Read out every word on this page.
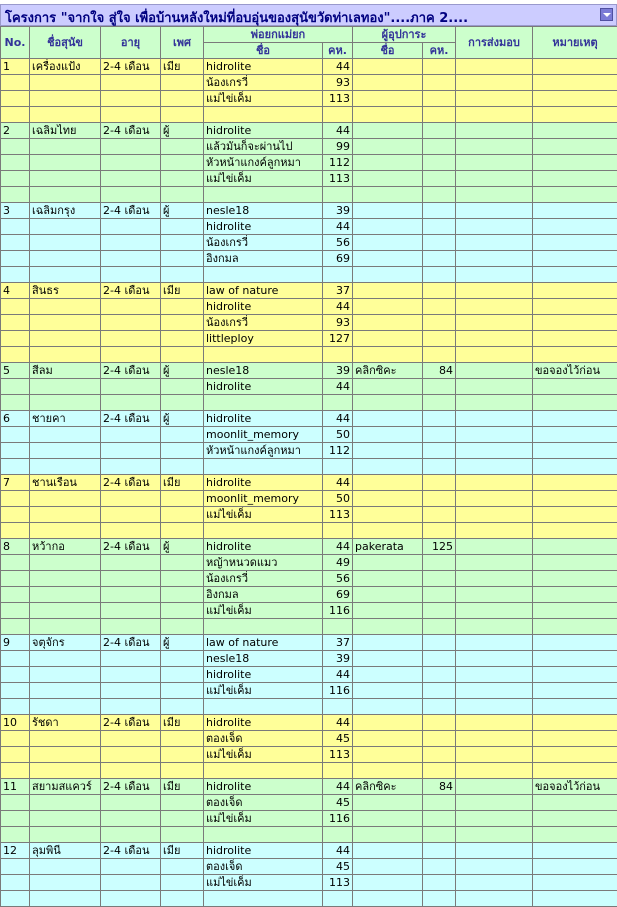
โครงการ "จากใจ สู่ใจ เพื่อบ้านหลังใหม่ที่อบอุ่นของสุนัขวัดท่าเลทอง"....ภาค 2....
No.	ชื่อสุนัข	อายุ	เพศ	พ่อยกแม่ยก		ผู้อุปการะ		การส่งมอบ	หมายเหตุ
				ชื่อ	คห.	ชื่อ	คห.		
1	เครื่องแป้ง	2-4 เดือน	เมีย	hidrolite	44				
				น้องเกรวี่	93				
				แม่ไข่เค็ม	113				

2	เฉลิมไทย	2-4 เดือน	ผู้	hidrolite	44				
				แล้วมันก็จะผ่านไป	99				
				หัวหน้าแกงค์ลูกหมา	112				
				แม่ไข่เค็ม	113				

3	เฉลิมกรุง	2-4 เดือน	ผู้	nesle18	39				
				hidrolite	44				
				น้องเกรวี่	56				
				อิงกมล	69				

4	สินธร	2-4 เดือน	เมีย	law of nature	37				
				hidrolite	44				
				น้องเกรวี่	93				
				littleploy	127				

5	สีลม	2-4 เดือน	ผู้	nesle18	39	คลิกซิคะ	84		ขอจองไว้ก่อน
				hidrolite	44				

6	ชายคา	2-4 เดือน	ผู้	hidrolite	44				
				moonlit_memory	50				
				หัวหน้าแกงค์ลูกหมา	112				

7	ชานเรือน	2-4 เดือน	เมีย	hidrolite	44				
				moonlit_memory	50				
				แม่ไข่เค็ม	113				

8	หว้ากอ	2-4 เดือน	ผู้	hidrolite	44	pakerata	125		
				หญ้าหนวดแมว	49				
				น้องเกรวี่	56				
				อิงกมล	69				
				แม่ไข่เค็ม	116				

9	จตุจักร	2-4 เดือน	ผู้	law of nature	37				
				nesle18	39				
				hidrolite	44				
				แม่ไข่เค็ม	116				

10	รัชดา	2-4 เดือน	เมีย	hidrolite	44				
				ตองเจ็ด	45				
				แม่ไข่เค็ม	113				

11	สยามสแควร์	2-4 เดือน	เมีย	hidrolite	44	คลิกซิคะ	84		ขอจองไว้ก่อน
				ตองเจ็ด	45				
				แม่ไข่เค็ม	116				

12	ลุมพินี	2-4 เดือน	เมีย	hidrolite	44				
				ตองเจ็ด	45				
				แม่ไข่เค็ม	113				
